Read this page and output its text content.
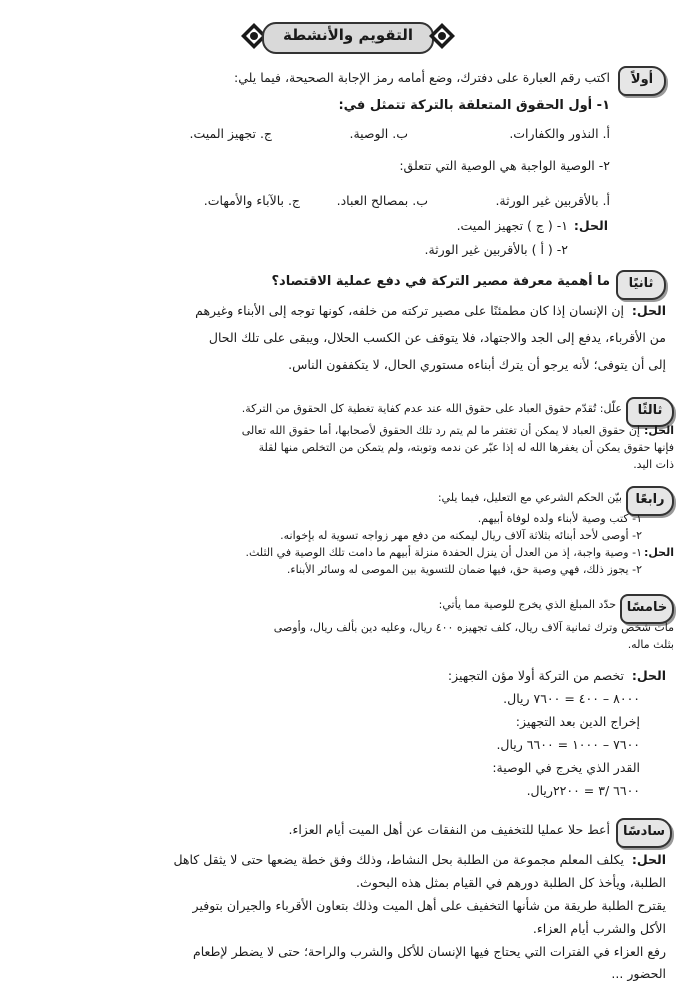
التقويم والأنشطة
أولاً
اكتب رقم العبارة على دفترك، وضع أمامه رمز الإجابة الصحيحة، فيما يلي:
١- أول الحقوق المتعلقة بالتركة تتمثل في:
أ. النذور والكفارات.
ب. الوصية.
ج. تجهيز الميت.
٢- الوصية الواجبة هي الوصية التي تتعلق:
أ. بالأقربين غير الورثة.
ب. بمصالح العباد.
ج. بالآباء والأمهات.
الحل:
١- ( ج ) تجهيز الميت.
٢- ( أ ) بالأقربين غير الورثة.
ثانيًا
ما أهمية معرفة مصير التركة في دفع عملية الاقتصاد؟
الحل:
إن الإنسان إذا كان مطمئنًا على مصير تركته من خلفه، كونها توجه إلى الأبناء وغيرهم
من الأقرباء، يدفع إلى الجد والاجتهاد، فلا يتوقف عن الكسب الحلال، ويبقى على تلك الحال
إلى أن يتوفى؛ لأنه يرجو أن يترك أبناءه مستوري الحال، لا يتكففون الناس.
ثالثًا
علّل: تُقدّم حقوق العباد على حقوق الله عند عدم كفاية تغطية كل الحقوق من التركة.
الحل:
إن حقوق العباد لا يمكن أن تغتفر ما لم يتم رد تلك الحقوق لأصحابها، أما حقوق الله تعالى
فإنها حقوق يمكن أن يغفرها الله له إذا عبّر عن ندمه وتوبته، ولم يتمكن من التخلص منها لقلة
ذات اليد.
رابعًا
بيّن الحكم الشرعي مع التعليل، فيما يلي:
١- كتب وصية لأبناء ولده لوفاة أبيهم.
٢- أوصى لأحد أبنائه بثلاثة آلاف ريال ليمكنه من دفع مهر زواجه تسوية له بإخوانه.
الحل:
١- وصية واجبة، إذ من العدل أن ينزل الحفدة منزلة أبيهم ما دامت تلك الوصية في الثلث.
٢- يجوز ذلك، فهي وصية حق، فيها ضمان للتسوية بين الموصى له وسائر الأبناء.
خامسًا
حدّد المبلغ الذي يخرج للوصية مما يأتي:
مات شخص وترك ثمانية آلاف ريال، كلف تجهيزه ٤٠٠ ريال، وعليه دين بألف ريال، وأوصى
بثلث ماله.
الحل:
تخصم من التركة أولا مؤن التجهيز:
٨٠٠٠ – ٤٠٠ = ٧٦٠٠ ريال.
إخراج الدين بعد التجهيز:
٧٦٠٠ – ١٠٠٠ = ٦٦٠٠ ريال.
القدر الذي يخرج في الوصية:
٦٦٠٠ /٣ = ٢٢٠٠ريال.
سادسًا
أعط حلا عمليا للتخفيف من النفقات عن أهل الميت أيام العزاء.
الحل:
يكلف المعلم مجموعة من الطلبة بحل النشاط، وذلك وفق خطة يضعها حتى لا يثقل كاهل
الطلبة، ويأخذ كل الطلبة دورهم في القيام بمثل هذه البحوث.
يقترح الطلبة طريقة من شأنها التخفيف على أهل الميت وذلك بتعاون الأقرباء والجيران بتوفير
الأكل والشرب أيام العزاء.
رفع العزاء في الفترات التي يحتاج فيها الإنسان للأكل والشرب والراحة؛ حتى لا يضطر لإطعام
الحضور ...
